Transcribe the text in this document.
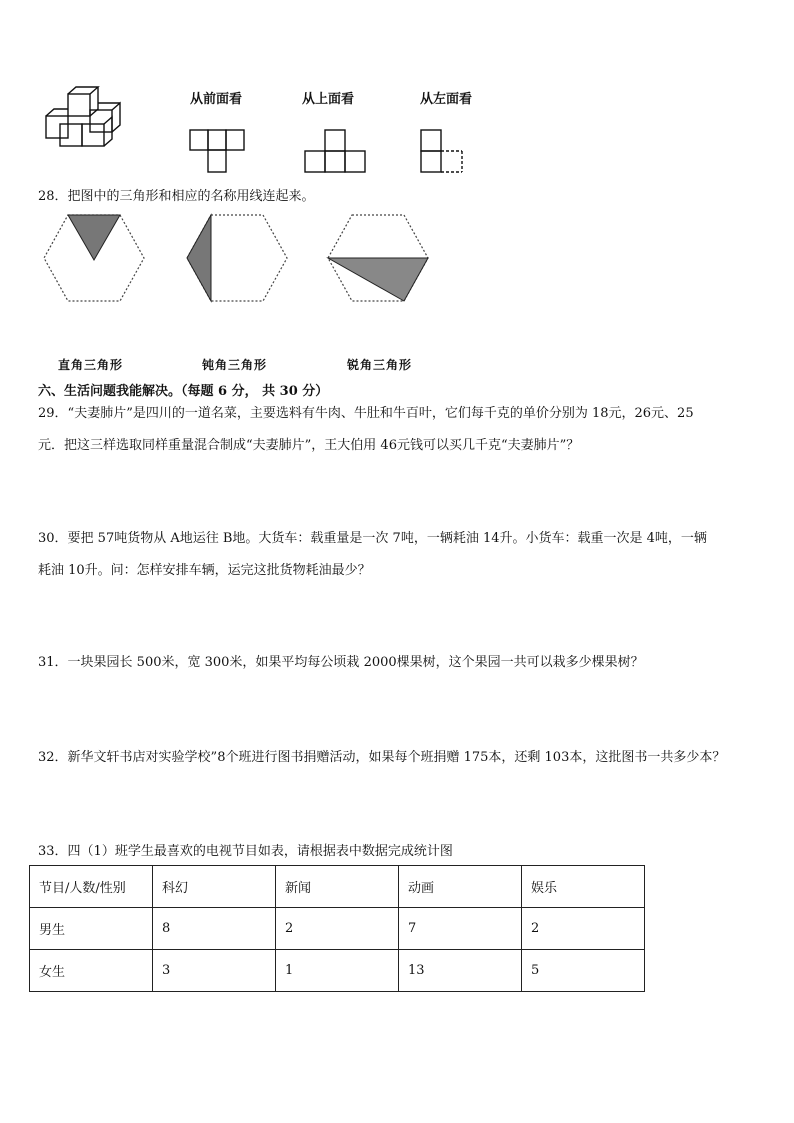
从前面看	从上面看	从左面看
28．把图中的三角形和相应的名称用线连起来。
直角三角形	钝角三角形	锐角三角形
六、生活问题我能解决。（每题 6 分， 共 30 分）
29．“夫妻肺片”是四川的一道名菜，主要选料有牛肉、牛肚和牛百叶，它们每千克的单价分别为 18元，26元、25
元．把这三样选取同样重量混合制成“夫妻肺片”，王大伯用 46元钱可以买几千克“夫妻肺片”？
30．要把 57吨货物从 A地运往 B地。大货车：载重量是一次 7吨，一辆耗油 14升。小货车：载重一次是 4吨，一辆
耗油 10升。问：怎样安排车辆，运完这批货物耗油最少？
31．一块果园长 500米，宽 300米，如果平均每公顷栽 2000棵果树，这个果园一共可以栽多少棵果树？
32．新华文轩书店对实验学校”8个班进行图书捐赠活动，如果每个班捐赠 175本，还剩 103本，这批图书一共多少本？
33．四（1）班学生最喜欢的电视节目如表，请根据表中数据完成统计图
节目/人数/性别	科幻	新闻	动画	娱乐
男生	8	2	7	2
女生	3	1	13	5
